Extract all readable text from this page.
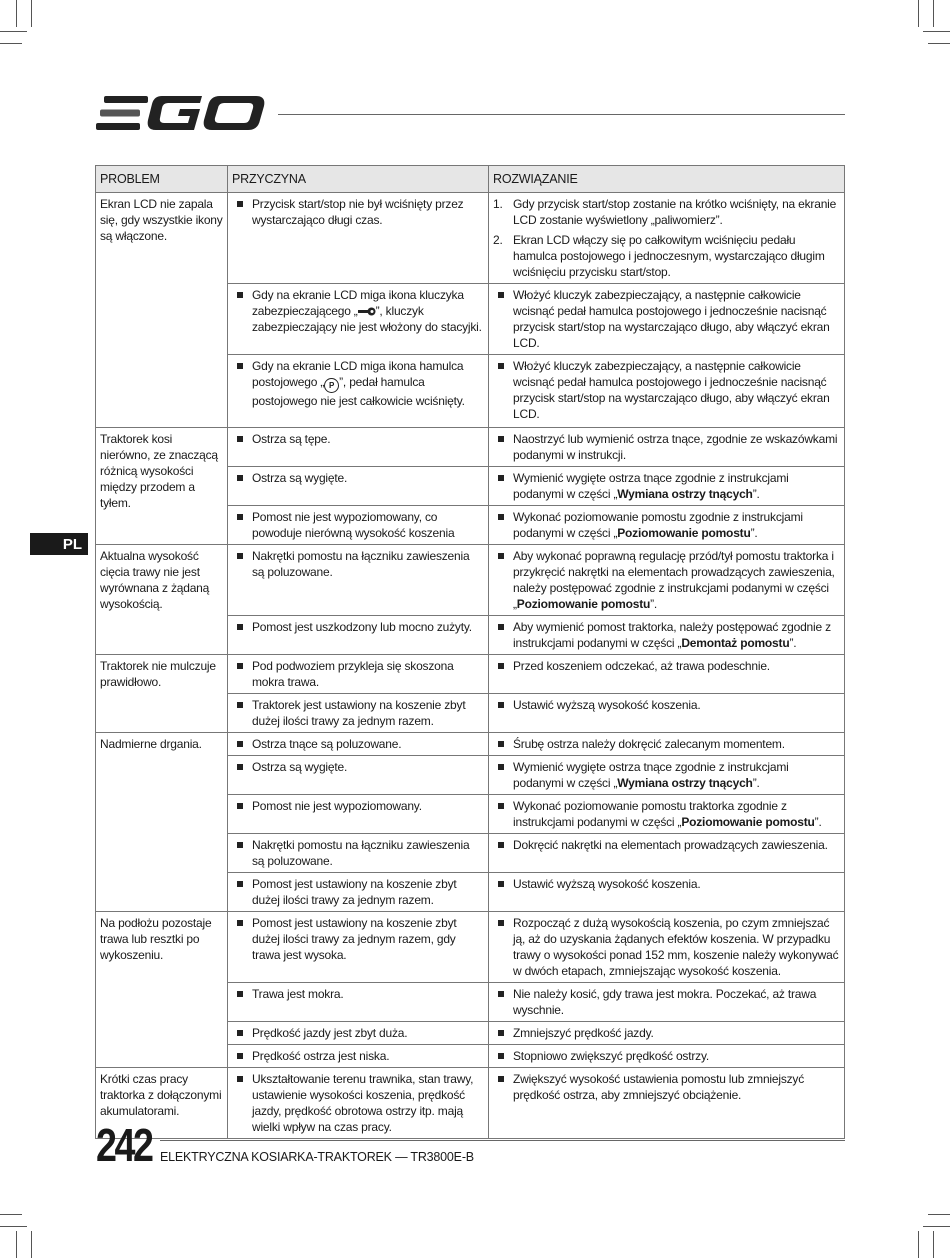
PL
PROBLEM	PRZYCZYNA	ROZWIĄZANIE
Ekran LCD nie zapala się, gdy wszystkie ikony są włączone.	Przycisk start/stop nie był wciśnięty przez wystarczająco długi czas.	1. Gdy przycisk start/stop zostanie na krótko wciśnięty, na ekranie LCD zostanie wyświetlony „paliwomierz”.
2. Ekran LCD włączy się po całkowitym wciśnięciu pedału hamulca postojowego i jednoczesnym, wystarczająco długim wciśnięciu przycisku start/stop.

	Gdy na ekranie LCD miga ikona kluczyka zabezpieczającego „ ”, kluczyk zabezpieczający nie jest włożony do stacyjki.	Włożyć kluczyk zabezpieczający, a następnie całkowicie wcisnąć pedał hamulca postojowego i jednocześnie nacisnąć przycisk start/stop na wystarczająco długo, aby włączyć ekran LCD.

	Gdy na ekranie LCD miga ikona hamulca postojowego „ P ”, pedał hamulca postojowego nie jest całkowicie wciśnięty.	Włożyć kluczyk zabezpieczający, a następnie całkowicie wcisnąć pedał hamulca postojowego i jednocześnie nacisnąć przycisk start/stop na wystarczająco długo, aby włączyć ekran LCD.

Traktorek kosi nierówno, ze znaczącą różnicą wysokości między przodem a tyłem.	Ostrza są tępe.	Naostrzyć lub wymienić ostrza tnące, zgodnie ze wskazówkami podanymi w instrukcji.

	Ostrza są wygięte.	Wymienić wygięte ostrza tnące zgodnie z instrukcjami podanymi w części „Wymiana ostrzy tnących”.

	Pomost nie jest wypoziomowany, co powoduje nierówną wysokość koszenia	Wykonać poziomowanie pomostu zgodnie z instrukcjami podanymi w części „Poziomowanie pomostu”.

Aktualna wysokość cięcia trawy nie jest wyrównana z żądaną wysokością.	Nakrętki pomostu na łączniku zawieszenia są poluzowane.	Aby wykonać poprawną regulację przód/tył pomostu traktorka i przykręcić nakrętki na elementach prowadzących zawieszenia, należy postępować zgodnie z instrukcjami podanymi w części „Poziomowanie pomostu”.

	Pomost jest uszkodzony lub mocno zużyty.	Aby wymienić pomost traktorka, należy postępować zgodnie z instrukcjami podanymi w części „Demontaż pomostu”.

Traktorek nie mulczuje prawidłowo.	Pod podwoziem przykleja się skoszona mokra trawa.	Przed koszeniem odczekać, aż trawa podeschnie.

	Traktorek jest ustawiony na koszenie zbyt dużej ilości trawy za jednym razem.	Ustawić wyższą wysokość koszenia.

Nadmierne drgania.	Ostrza tnące są poluzowane.	Śrubę ostrza należy dokręcić zalecanym momentem.

	Ostrza są wygięte.	Wymienić wygięte ostrza tnące zgodnie z instrukcjami podanymi w części „Wymiana ostrzy tnących”.

	Pomost nie jest wypoziomowany.	Wykonać poziomowanie pomostu traktorka zgodnie z instrukcjami podanymi w części „Poziomowanie pomostu”.

	Nakrętki pomostu na łączniku zawieszenia są poluzowane.	Dokręcić nakrętki na elementach prowadzących zawieszenia.

	Pomost jest ustawiony na koszenie zbyt dużej ilości trawy za jednym razem.	Ustawić wyższą wysokość koszenia.

Na podłożu pozostaje trawa lub resztki po wykoszeniu.	Pomost jest ustawiony na koszenie zbyt dużej ilości trawy za jednym razem, gdy trawa jest wysoka.	Rozpocząć z dużą wysokością koszenia, po czym zmniejszać ją, aż do uzyskania żądanych efektów koszenia. W przypadku trawy o wysokości ponad 152 mm, koszenie należy wykonywać w dwóch etapach, zmniejszając wysokość koszenia.

	Trawa jest mokra.	Nie należy kosić, gdy trawa jest mokra. Poczekać, aż trawa wyschnie.

	Prędkość jazdy jest zbyt duża.	Zmniejszyć prędkość jazdy.

	Prędkość ostrza jest niska.	Stopniowo zwiększyć prędkość ostrzy.

Krótki czas pracy traktorka z dołączonymi akumulatorami.	Ukształtowanie terenu trawnika, stan trawy, ustawienie wysokości koszenia, prędkość jazdy, prędkość obrotowa ostrzy itp. mają wielki wpływ na czas pracy.	Zwiększyć wysokość ustawienia pomostu lub zmniejszyć prędkość ostrza, aby zmniejszyć obciążenie.
242 ELEKTRYCZNA KOSIARKA-TRAKTOREK — TR3800E-B
